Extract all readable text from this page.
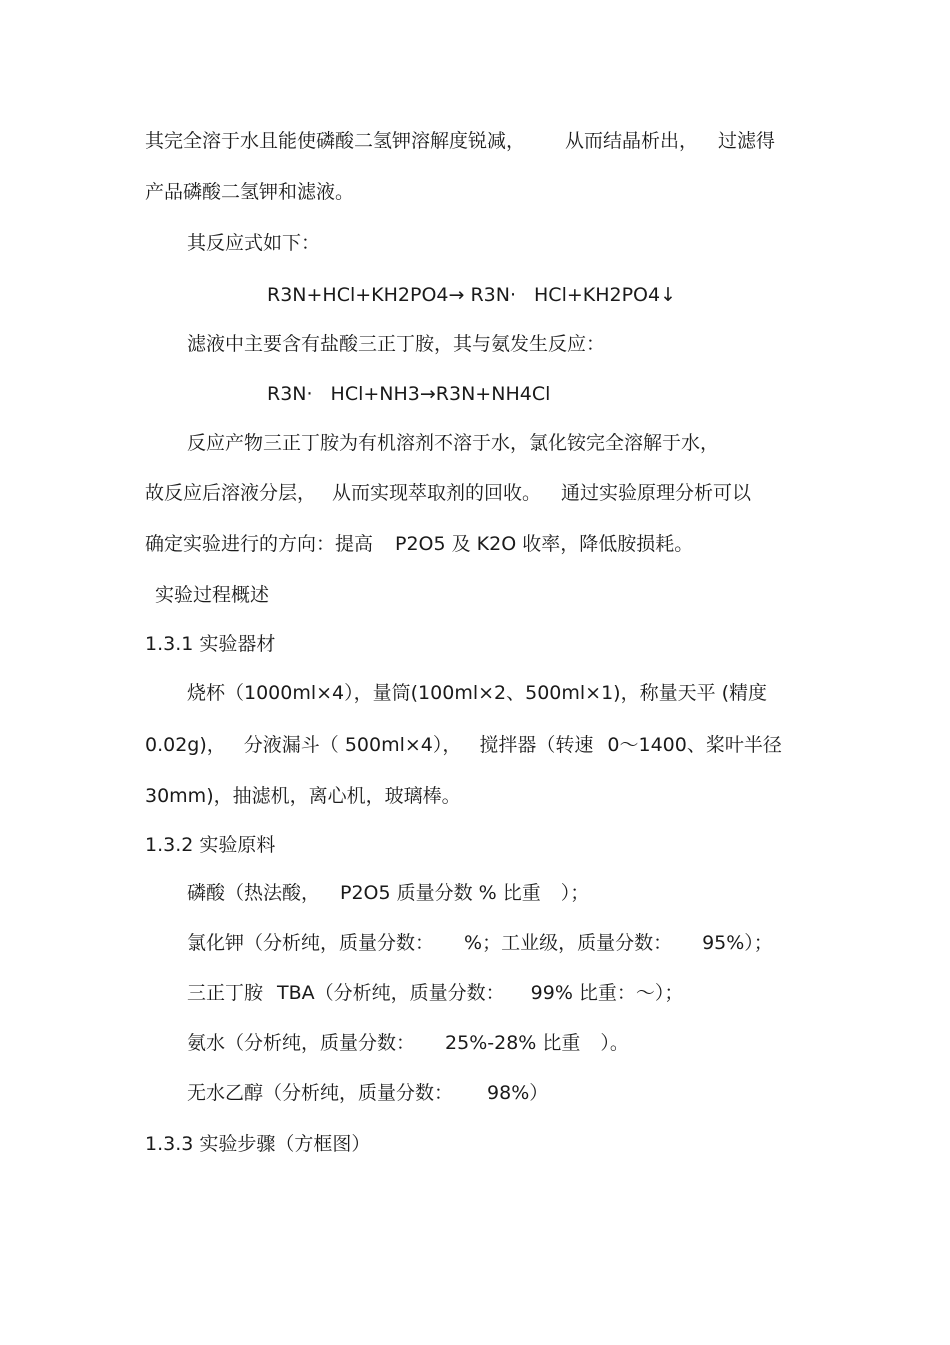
其完全溶于水且能使磷酸二氢钾溶解度锐减， 从而结晶析出， 过滤得
产品磷酸二氢钾和滤液。
其反应式如下：
R3N+HCl+KH2PO4→ R3N· HCl+KH2PO4↓
滤液中主要含有盐酸三正丁胺，其与氨发生反应：
R3N· HCl+NH3→R3N+NH4Cl
反应产物三正丁胺为有机溶剂不溶于水，氯化铵完全溶解于水，
故反应后溶液分层， 从而实现萃取剂的回收。 通过实验原理分析可以
确定实验进行的方向：提高 P2O5 及 K2O 收率，降低胺损耗。
实验过程概述
1.3.1 实验器材
烧杯（1000ml×4），量筒(100ml×2、500ml×1)，称量天平 (精度
0.02g)， 分液漏斗（ 500ml×4）， 搅拌器（转速 0～1400、桨叶半径
30mm)，抽滤机，离心机，玻璃棒。
1.3.2 实验原料
磷酸（热法酸， P2O5 质量分数 % 比重 ）；
氯化钾（分析纯，质量分数： %；工业级，质量分数： 95%）；
三正丁胺 TBA（分析纯，质量分数： 99% 比重：～）；
氨水（分析纯，质量分数： 25%-28% 比重 ）。
无水乙醇（分析纯，质量分数： 98%）
1.3.3 实验步骤（方框图）
